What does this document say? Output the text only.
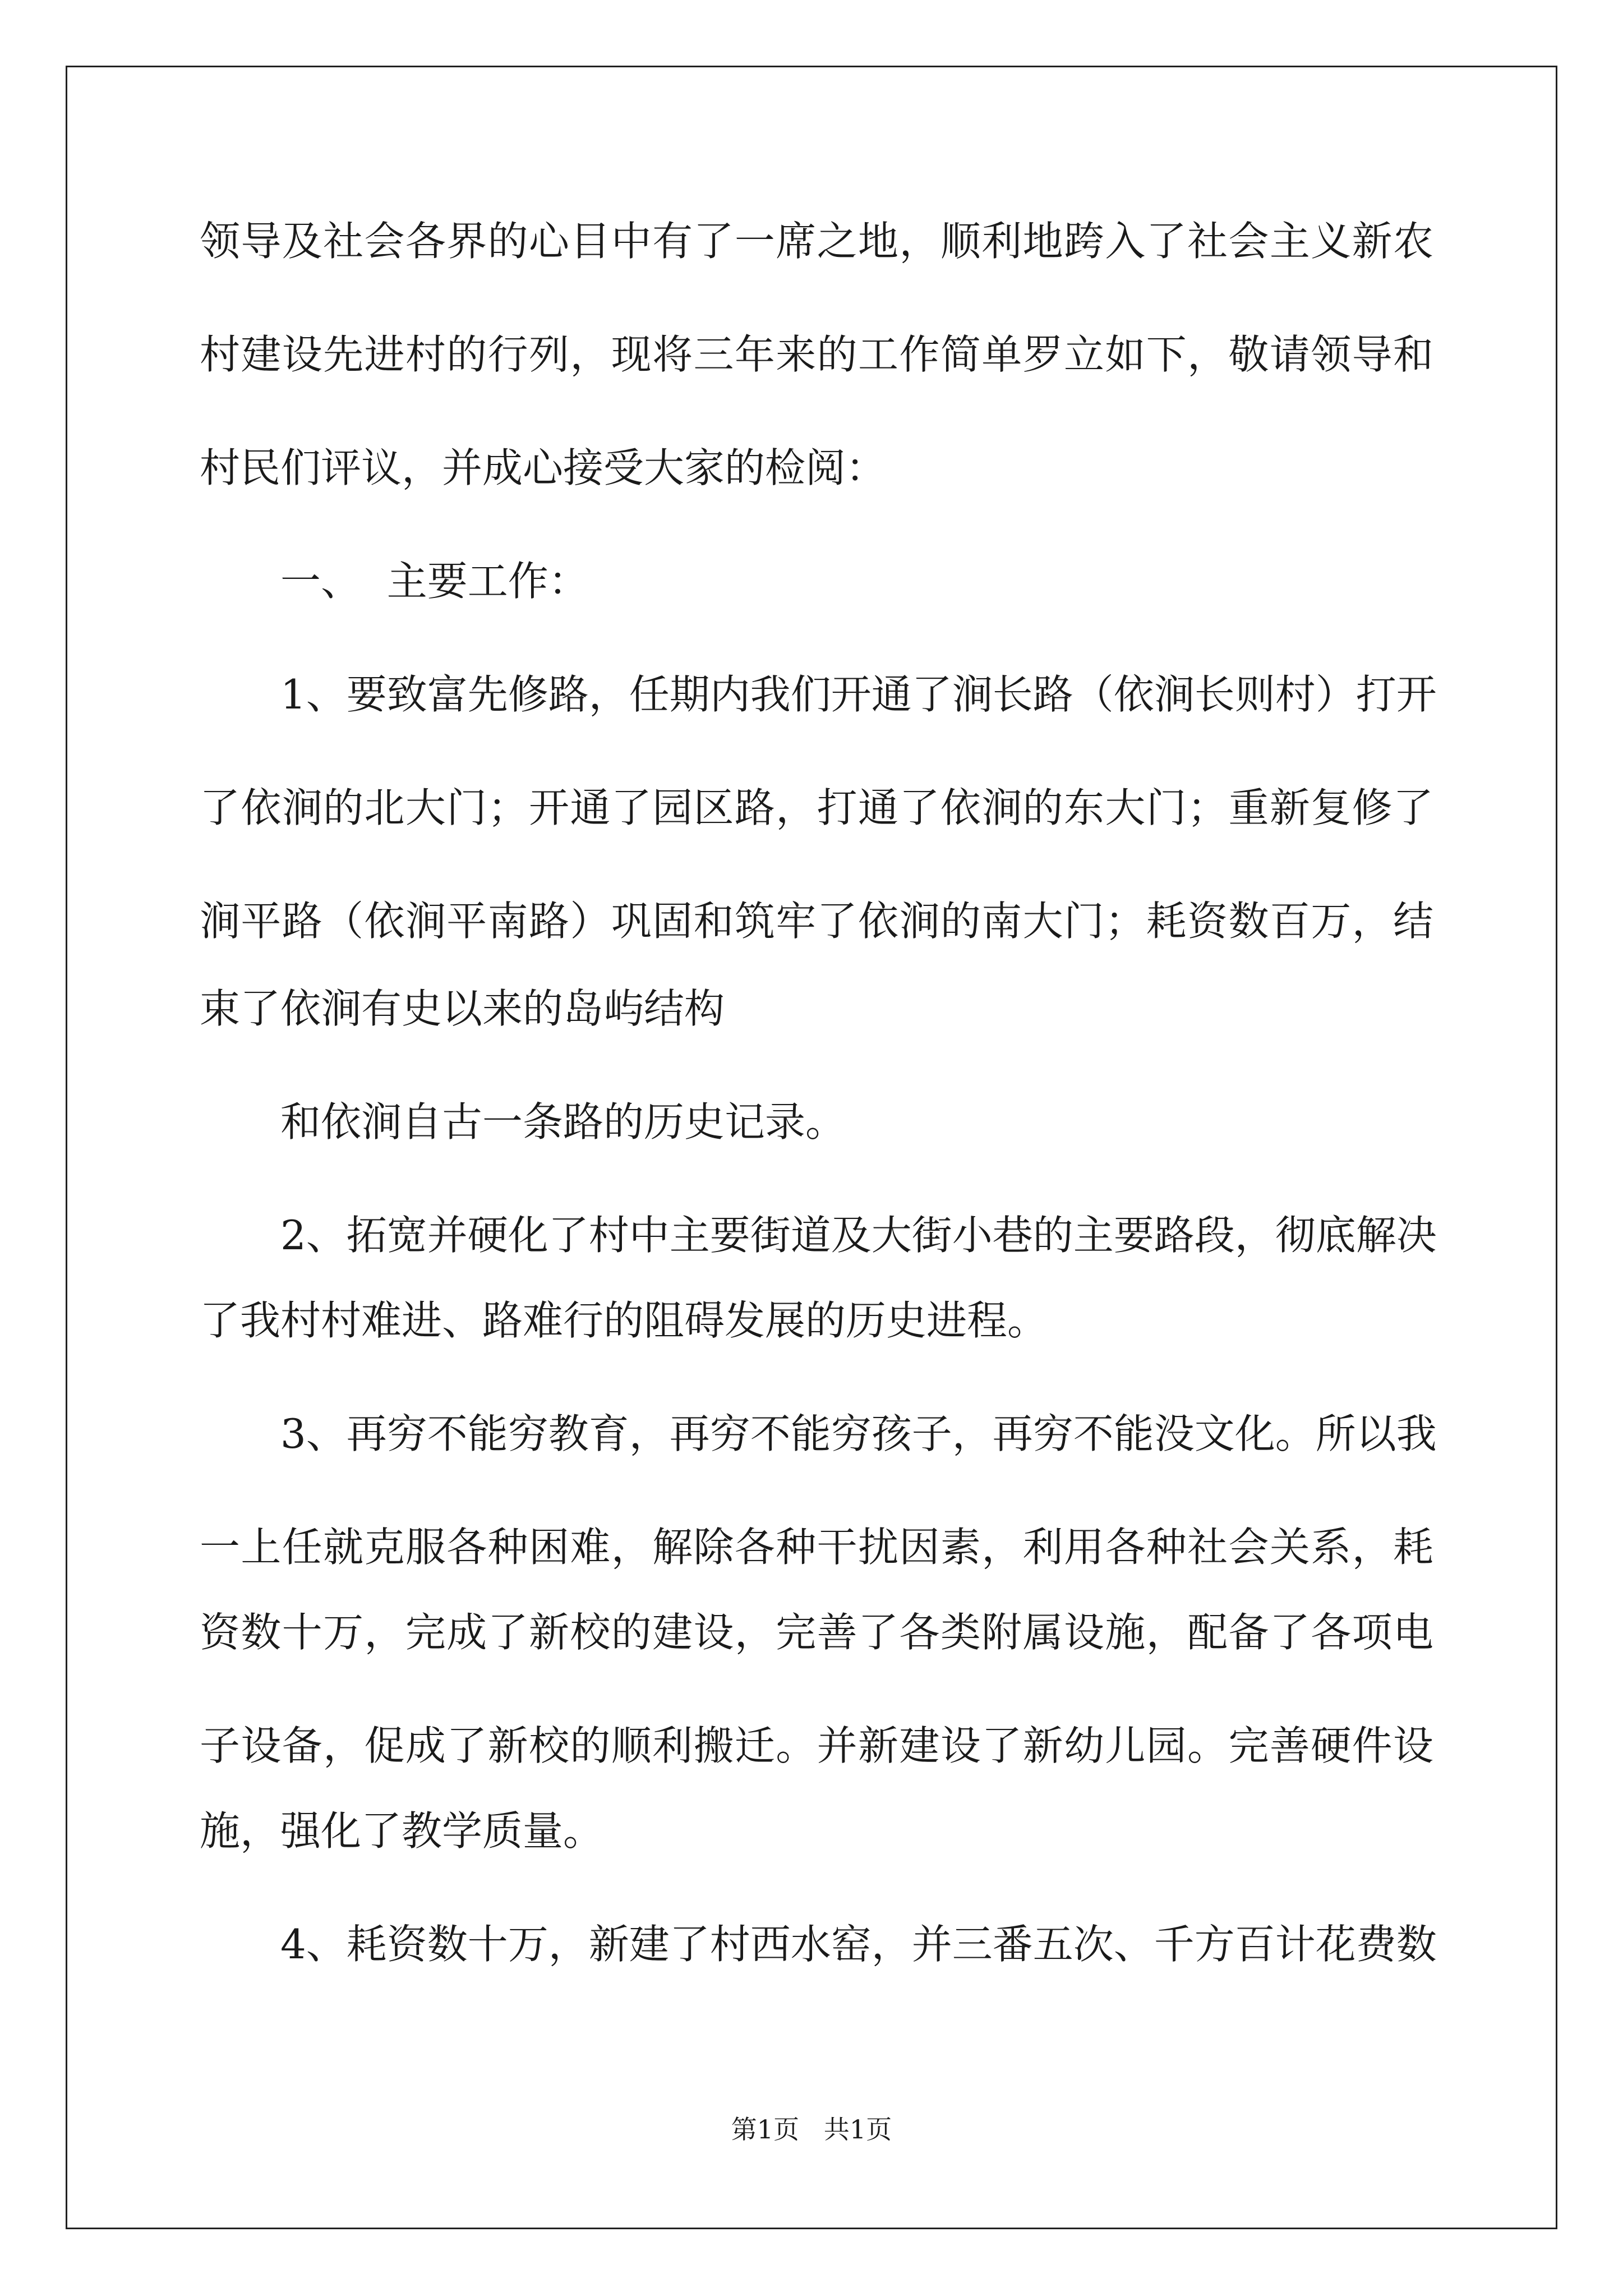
领导及社会各界的心目中有了一席之地，顺利地跨入了社会主义新农
村建设先进村的行列，现将三年来的工作简单罗立如下，敬请领导和
村民们评议，并成心接受大家的检阅：
一、  主要工作：
1、要致富先修路，任期内我们开通了涧长路（依涧长则村）打开
了依涧的北大门；开通了园区路，打通了依涧的东大门；重新复修了
涧平路（依涧平南路）巩固和筑牢了依涧的南大门；耗资数百万，结
束了依涧有史以来的岛屿结构
和依涧自古一条路的历史记录。
2、拓宽并硬化了村中主要街道及大街小巷的主要路段，彻底解决
了我村村难进、路难行的阻碍发展的历史进程。
3、再穷不能穷教育，再穷不能穷孩子，再穷不能没文化。所以我
一上任就克服各种困难，解除各种干扰因素，利用各种社会关系，耗
资数十万，完成了新校的建设，完善了各类附属设施，配备了各项电
子设备，促成了新校的顺利搬迁。并新建设了新幼儿园。完善硬件设
施，强化了教学质量。
4、耗资数十万，新建了村西水窑，并三番五次、千方百计花费数
第1页   共1页
